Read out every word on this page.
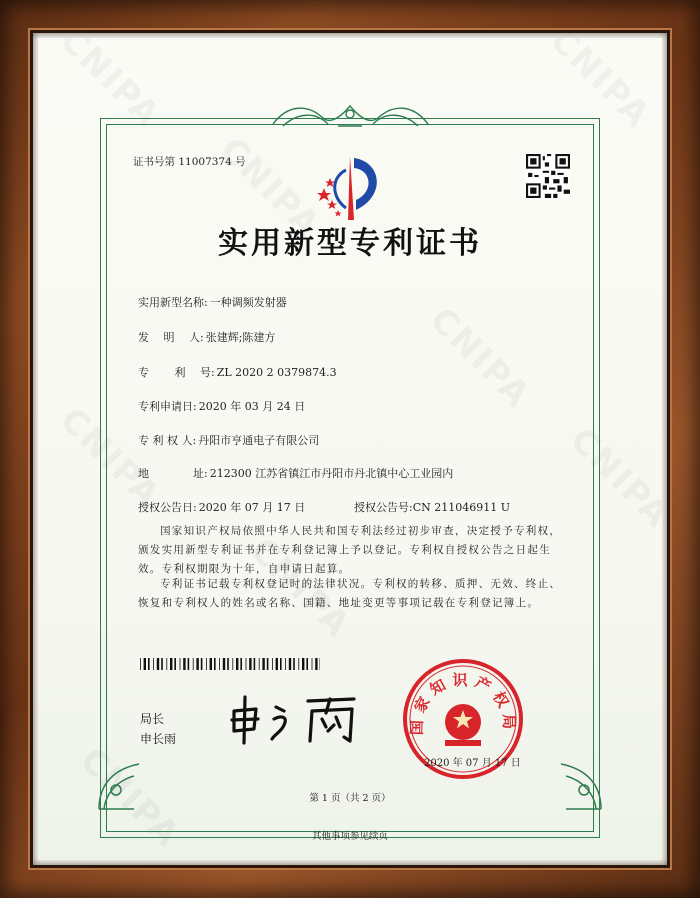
证书号第 11007374 号
实用新型专利证书
实用新型名称: 一种调频发射器
发　 明　 人: 张建辉;陈建方
专　　 利　 号: ZL 2020 2 0379874.3
专利申请日: 2020 年 03 月 24 日
专 利 权 人: 丹阳市亨通电子有限公司
地　　　　址: 212300 江苏省镇江市丹阳市丹北镇中心工业园内
授权公告日: 2020 年 07 月 17 日	授权公告号:CN 211046911 U
国家知识产权局依照中华人民共和国专利法经过初步审查，决定授予专利权，颁发实用新型专利证书并在专利登记簿上予以登记。专利权自授权公告之日起生效。专利权期限为十年，自申请日起算。
专利证书记载专利权登记时的法律状况。专利权的转移、质押、无效、终止、恢复和专利权人的姓名或名称、国籍、地址变更等事项记载在专利登记簿上。
局长
申长雨
国家知识产权局
2020 年 07 月 17 日
第 1 页（共 2 页）
其他事项参见续页
